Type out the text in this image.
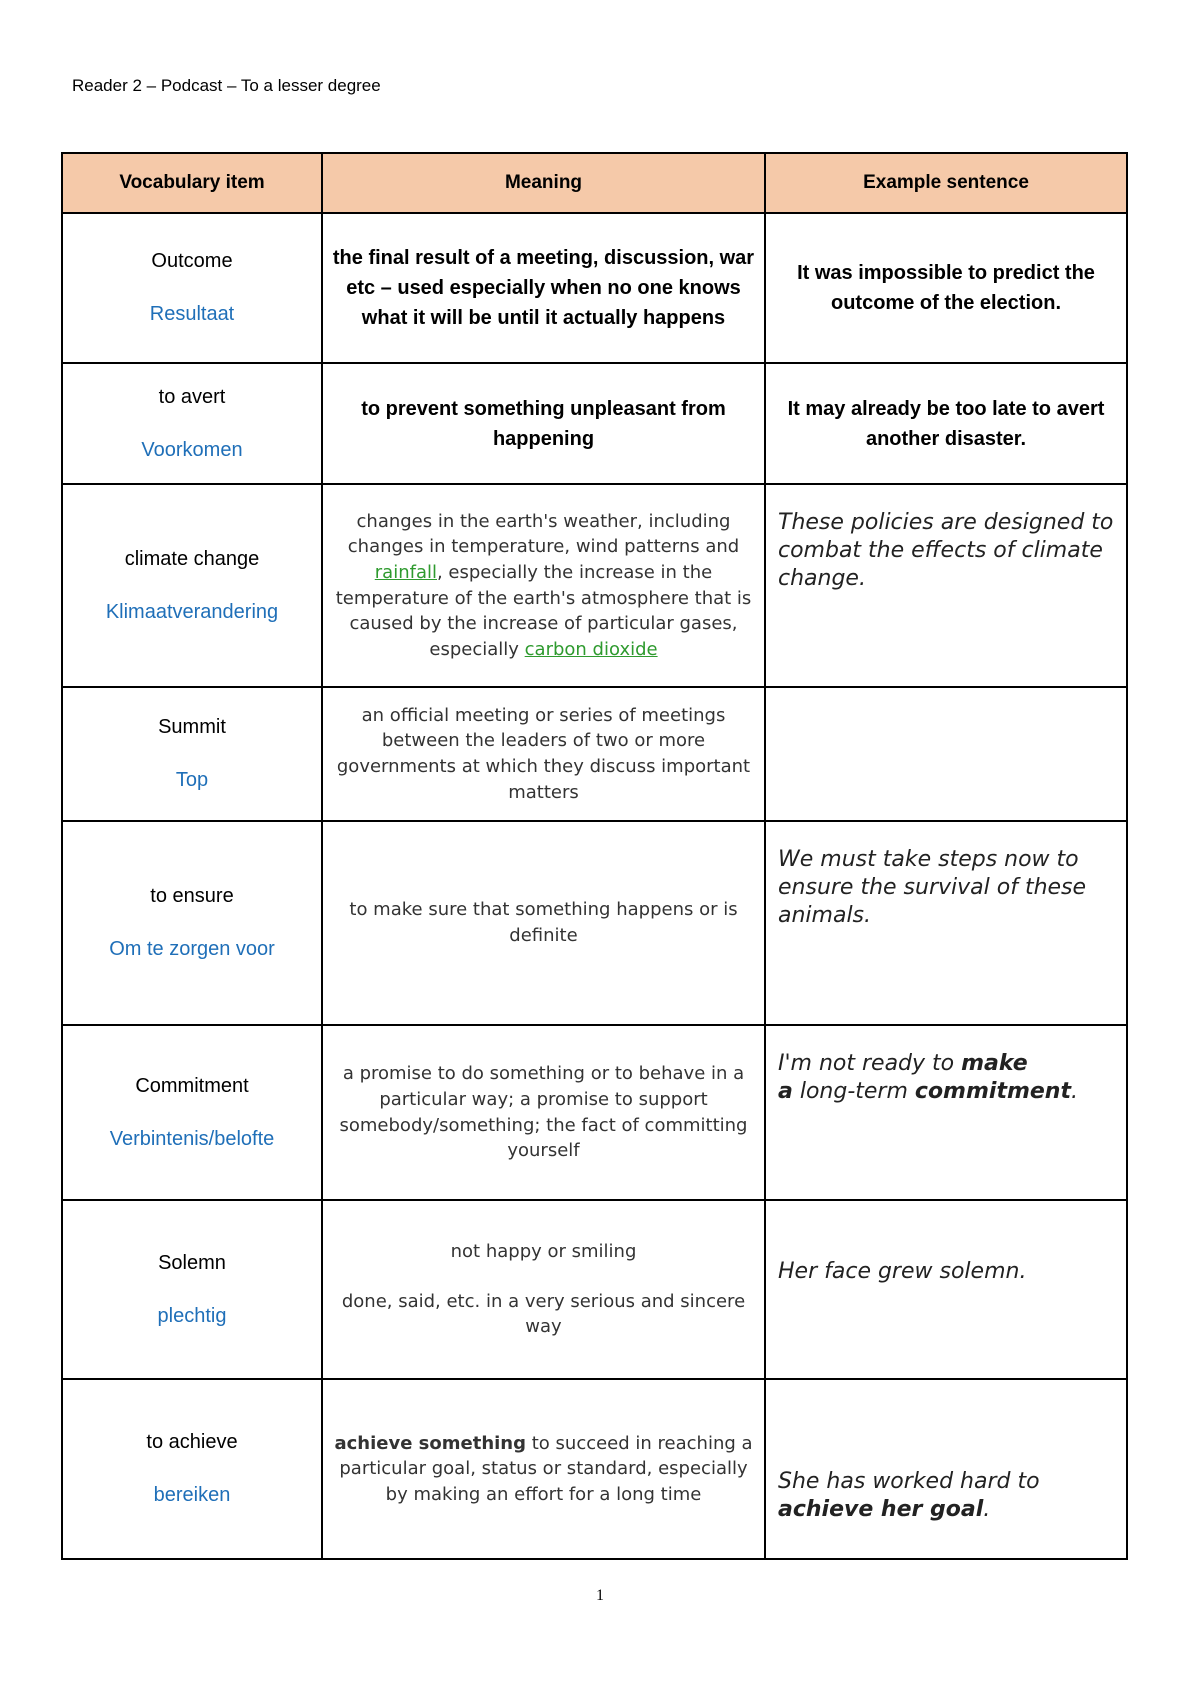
Reader 2 – Podcast – To a lesser degree
Vocabulary item	Meaning	Example sentence

Outcome
Resultaat	the final result of a meeting, discussion, war etc – used especially when no one knows what it will be until it actually happens	It was impossible to predict the outcome of the election.

to avert
Voorkomen	to prevent something unpleasant from happening	It may already be too late to avert another disaster.

climate change
Klimaatverandering	changes in the earth's weather, including changes in temperature, wind patterns and rainfall, especially the increase in the temperature of the earth's atmosphere that is caused by the increase of particular gases, especially carbon dioxide	These policies are designed to combat the effects of climate change.

Summit
Top	an official meeting or series of meetings between the leaders of two or more governments at which they discuss important matters	

to ensure
Om te zorgen voor	to make sure that something happens or is definite	We must take steps now to ensure the survival of these animals.

Commitment
Verbintenis/belofte	a promise to do something or to behave in a particular way; a promise to support somebody/something; the fact of committing yourself	I'm not ready to make
a long-term commitment.

Solemn
plechtig	not happy or smiling
done, said, etc. in a very serious and sincere way	Her face grew solemn.

to achieve
bereiken	achieve something to succeed in reaching a particular goal, status or standard, especially by making an effort for a long time	She has worked hard to achieve her goal.
1
